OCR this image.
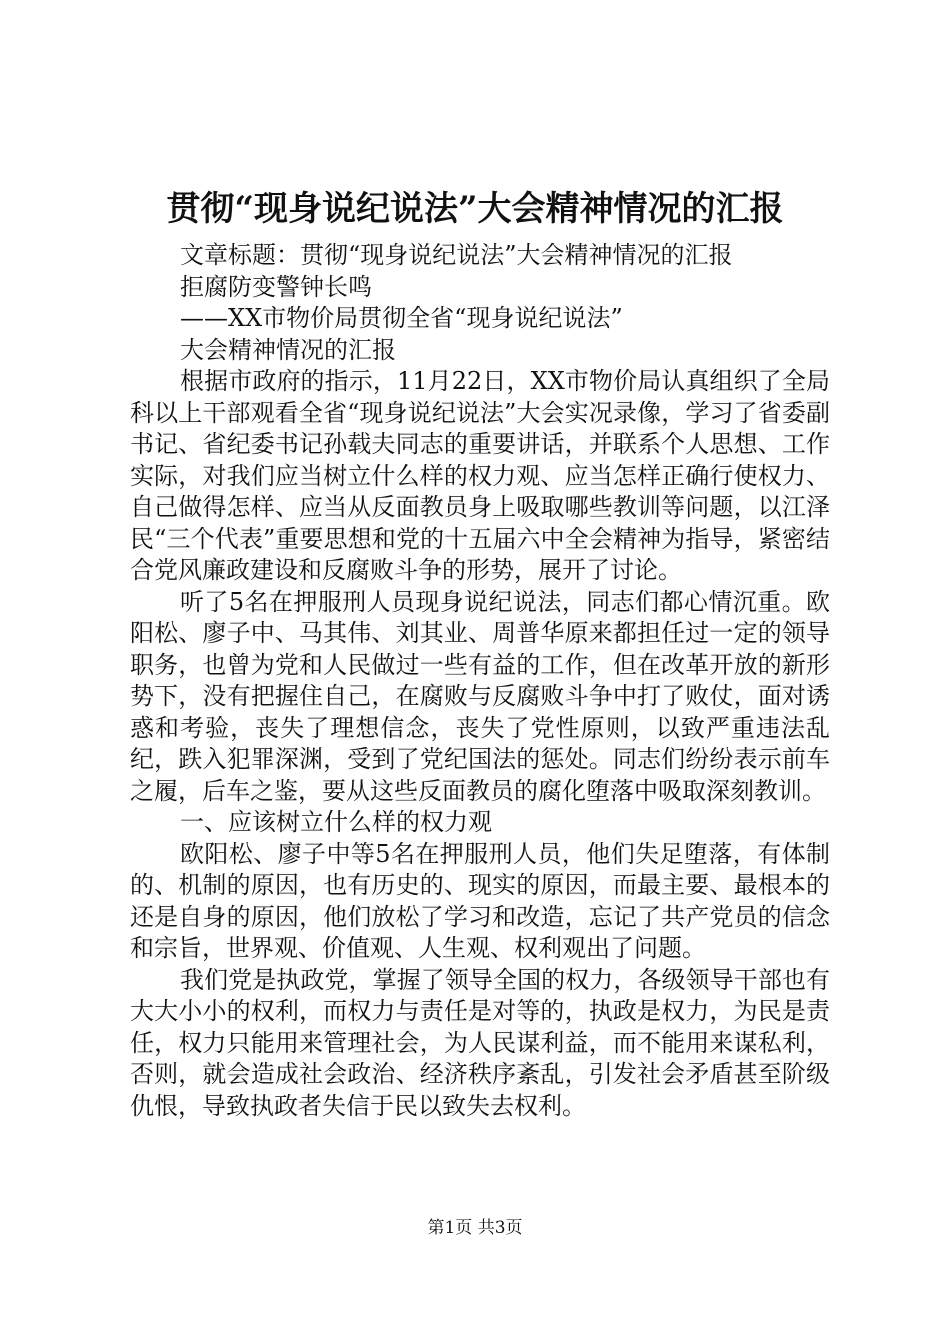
贯彻“现身说纪说法”大会精神情况的汇报
文章标题：贯彻“现身说纪说法”大会精神情况的汇报
拒腐防变警钟长鸣
——XX市物价局贯彻全省“现身说纪说法”
大会精神情况的汇报
根据市政府的指示，11月22日，XX市物价局认真组织了全局科以上干部观看全省“现身说纪说法”大会实况录像，学习了省委副书记、省纪委书记孙载夫同志的重要讲话，并联系个人思想、工作实际，对我们应当树立什么样的权力观、应当怎样正确行使权力、自己做得怎样、应当从反面教员身上吸取哪些教训等问题，以江泽民“三个代表”重要思想和党的十五届六中全会精神为指导，紧密结合党风廉政建设和反腐败斗争的形势，展开了讨论。
听了5名在押服刑人员现身说纪说法，同志们都心情沉重。欧阳松、廖子中、马其伟、刘其业、周普华原来都担任过一定的领导职务，也曾为党和人民做过一些有益的工作，但在改革开放的新形势下，没有把握住自己，在腐败与反腐败斗争中打了败仗，面对诱惑和考验，丧失了理想信念，丧失了党性原则，以致严重违法乱纪，跌入犯罪深渊，受到了党纪国法的惩处。同志们纷纷表示前车之履，后车之鉴，要从这些反面教员的腐化堕落中吸取深刻教训。
一、应该树立什么样的权力观
欧阳松、廖子中等5名在押服刑人员，他们失足堕落，有体制的、机制的原因，也有历史的、现实的原因，而最主要、最根本的还是自身的原因，他们放松了学习和改造，忘记了共产党员的信念和宗旨，世界观、价值观、人生观、权利观出了问题。
我们党是执政党，掌握了领导全国的权力，各级领导干部也有大大小小的权利，而权力与责任是对等的，执政是权力，为民是责任，权力只能用来管理社会，为人民谋利益，而不能用来谋私利，否则，就会造成社会政治、经济秩序紊乱，引发社会矛盾甚至阶级仇恨，导致执政者失信于民以致失去权利。
第1页 共3页
